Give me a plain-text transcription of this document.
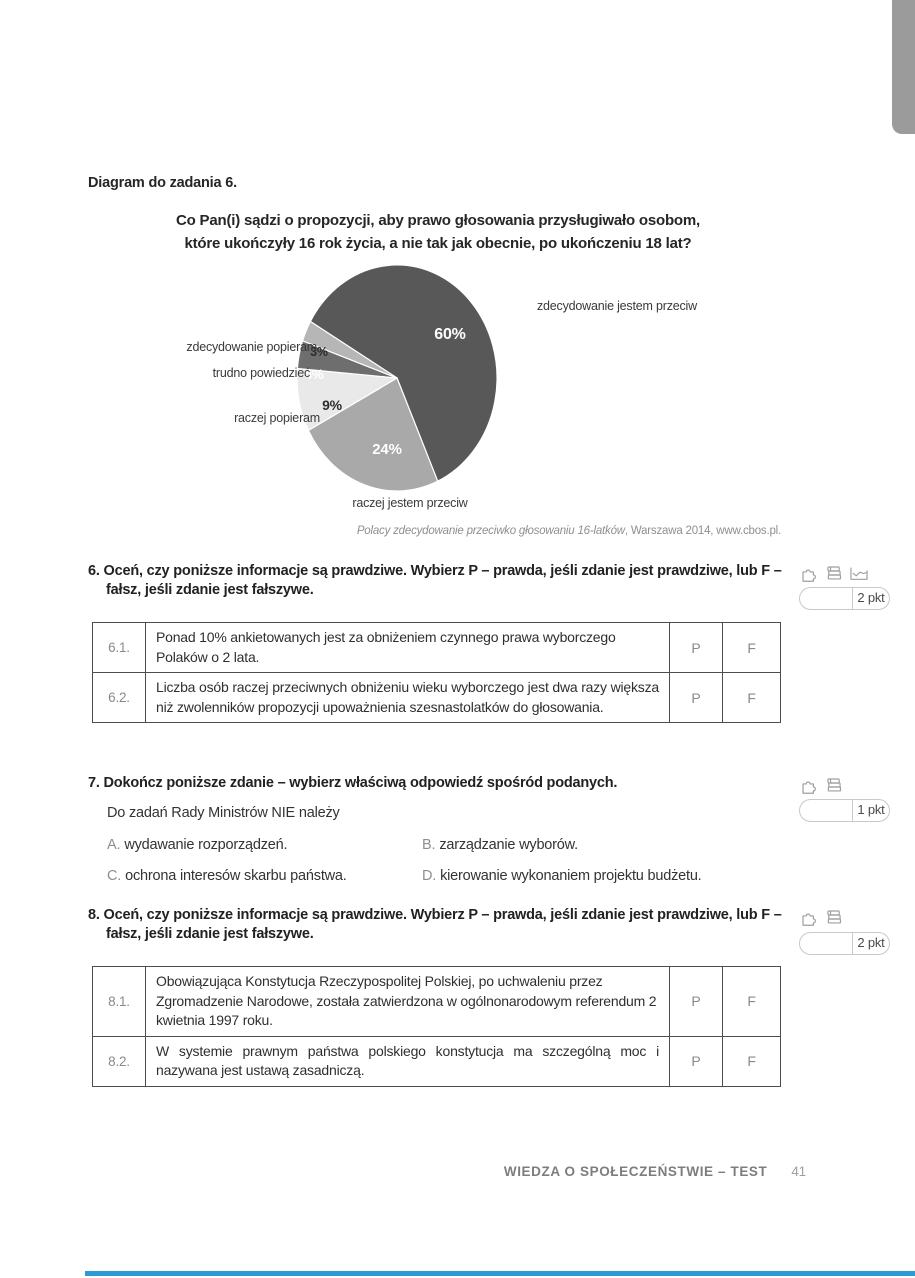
Diagram do zadania 6.
Co Pan(i) sądzi o propozycji, aby prawo głosowania przysługiwało osobom,
które ukończyły 16 rok życia, a nie tak jak obecnie, po ukończeniu 18 lat?
60%
24%
9%
4%
3%
zdecydowanie jestem przeciw
zdecydowanie popieram
trudno powiedzieć
raczej popieram
raczej jestem przeciw
Polacy zdecydowanie przeciwko głosowaniu 16-latków, Warszawa 2014, www.cbos.pl.
6. Oceń, czy poniższe informacje są prawdziwe. Wybierz P – prawda, jeśli zdanie jest prawdziwe, lub F – fałsz, jeśli zdanie jest fałszywe.	2 pkt
6.1.	Ponad 10% ankietowanych jest za obniżeniem czynnego prawa wyborczego Polaków o 2 lata.	P	F
6.2.	Liczba osób raczej przeciwnych obniżeniu wieku wyborczego jest dwa razy większa niż zwolenników propozycji upoważnienia szesnastolatków do głosowania.	P	F
7. Dokończ poniższe zdanie – wybierz właściwą odpowiedź spośród podanych.
1 pkt
Do zadań Rady Ministrów NIE należy
A. wydawanie rozporządzeń.	B. zarządzanie wyborów.
C. ochrona interesów skarbu państwa.	D. kierowanie wykonaniem projektu budżetu.
8. Oceń, czy poniższe informacje są prawdziwe. Wybierz P – prawda, jeśli zdanie jest prawdziwe, lub F – fałsz, jeśli zdanie jest fałszywe.
2 pkt
8.1.	Obowiązująca Konstytucja Rzeczypospolitej Polskiej, po uchwaleniu przez Zgromadzenie Narodowe, została zatwierdzona w ogólnonarodowym referendum 2 kwietnia 1997 roku.	P	F
8.2.	W systemie prawnym państwa polskiego konstytucja ma szczególną moc i nazywana jest ustawą zasadniczą.	P	F
WIEDZA O SPOŁECZEŃSTWIE – TEST 41
